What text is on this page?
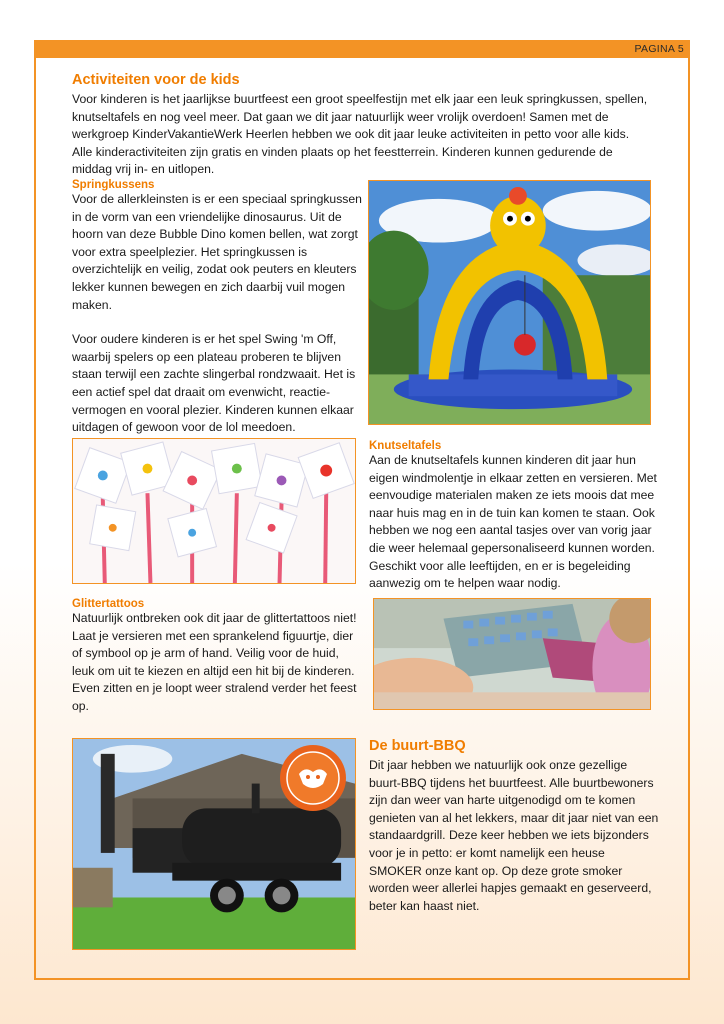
PAGINA 5
Activiteiten voor de kids

Voor kinderen is het jaarlijkse buurtfeest een groot speelfestijn met elk jaar een leuk springkussen, spellen, knutseltafels en nog veel meer. Dat gaan we dit jaar natuurlijk weer vrolijk overdoen! Samen met de werkgroep KinderVakantieWerk Heerlen hebben we ook dit jaar leuke activiteiten in petto voor alle kids. Alle kinderactiviteiten zijn gratis en vinden plaats op het feestterrein. Kinderen kunnen gedurende de middag vrij in- en uitlopen.

Springkussens

Voor de allerkleinsten is er een speciaal springkussen in de vorm van een vriendelijke dinosaurus. Uit de hoorn van deze Bubble Dino komen bellen, wat zorgt voor extra speelplezier. Het springkussen is overzichtelijk en veilig, zodat ook peuters en kleuters lekker kunnen bewegen en zich daarbij vuil mogen maken.

Voor oudere kinderen is er het spel Swing 'm Off, waarbij spelers op een plateau proberen te blijven staan terwijl een zachte slingerbal rondzwaait. Het is een actief spel dat draait om evenwicht, reactie-vermogen en vooral plezier. Kinderen kunnen elkaar uitdagen of gewoon voor de lol meedoen.

Knutseltafels

Aan de knutseltafels kunnen kinderen dit jaar hun eigen windmolentje in elkaar zetten en versieren. Met eenvoudige materialen maken ze iets moois dat mee naar huis mag en in de tuin kan komen te staan. Ook hebben we nog een aantal tasjes over van vorig jaar die weer helemaal gepersonaliseerd kunnen worden. Geschikt voor alle leeftijden, en er is begeleiding aanwezig om te helpen waar nodig.

Glittertattoos

Natuurlijk ontbreken ook dit jaar de glittertattoos niet! Laat je versieren met een sprankelend figuurtje, dier of symbool op je arm of hand. Veilig voor de huid, leuk om uit te kiezen en altijd een hit bij de kinderen. Even zitten en je loopt weer stralend verder het feest op.

De buurt-BBQ

Dit jaar hebben we natuurlijk ook onze gezellige buurt-BBQ tijdens het buurtfeest. Alle buurtbewoners zijn dan weer van harte uitgenodigd om te komen genieten van al het lekkers, maar dit jaar niet van een standaardgrill. Deze keer hebben we iets bijzonders voor je in petto: er komt namelijk een heuse SMOKER onze kant op. Op deze grote smoker worden weer allerlei hapjes gemaakt en geserveerd, beter kan haast niet.
